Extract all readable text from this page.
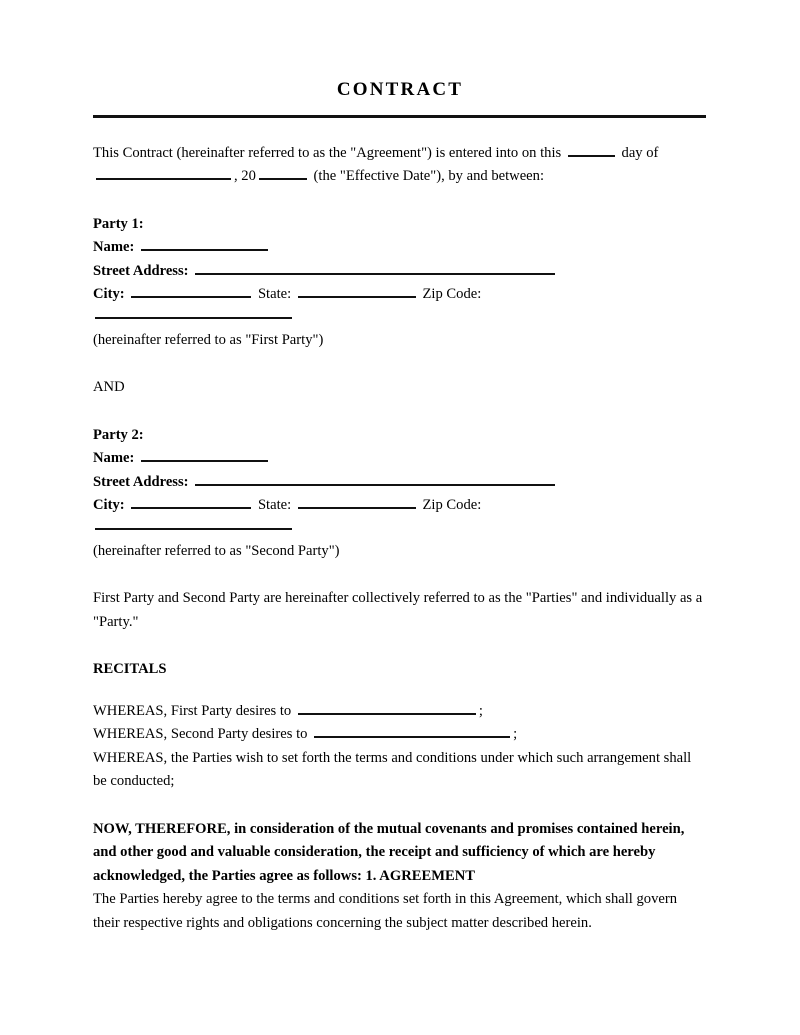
CONTRACT
This Contract (hereinafter referred to as the "Agreement") is entered into on this	day of
, 20	(the "Effective Date"), by and between:
Party 1:
Name:
Street Address:
City:	State:	Zip Code:
(hereinafter referred to as "First Party")
AND
Party 2:
Name:
Street Address:
City:	State:	Zip Code:
(hereinafter referred to as "Second Party")
First Party and Second Party are hereinafter collectively referred to as the "Parties" and individually as a "Party."
RECITALS
WHEREAS, First Party desires to	;
WHEREAS, Second Party desires to	;
WHEREAS, the Parties wish to set forth the terms and conditions under which such arrangement shall be conducted;
NOW, THEREFORE, in consideration of the mutual covenants and promises contained herein, and other good and valuable consideration, the receipt and sufficiency of which are hereby acknowledged, the Parties agree as follows: 1. AGREEMENT
The Parties hereby agree to the terms and conditions set forth in this Agreement, which shall govern their respective rights and obligations concerning the subject matter described herein.
